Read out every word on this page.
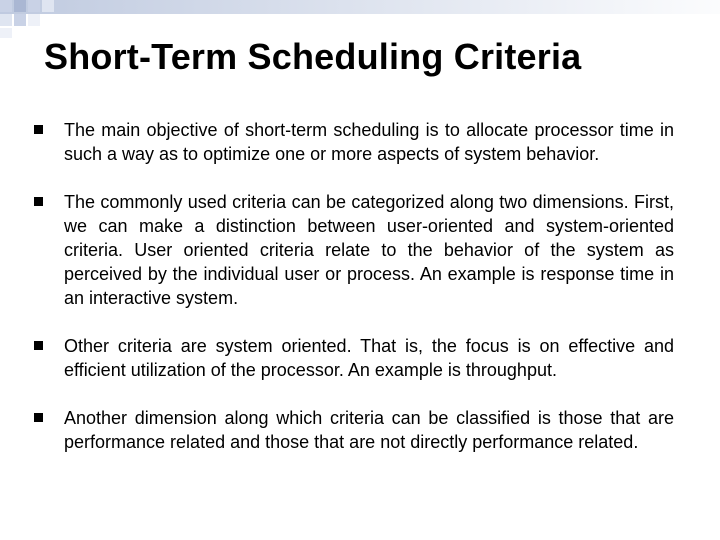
Short-Term Scheduling Criteria
The main objective of short-term scheduling is to allocate processor time in such a way as to optimize one or more aspects of system behavior.
The commonly used criteria can be categorized along two dimensions. First, we can make a distinction between user-oriented and system-oriented criteria. User oriented criteria relate to the behavior of the system as perceived by the individual user or process. An example is response time in an interactive system.
Other criteria are system oriented. That is, the focus is on effective and efficient utilization of the processor. An example is throughput.
Another dimension along which criteria can be classified is those that are performance related and those that are not directly performance related.
